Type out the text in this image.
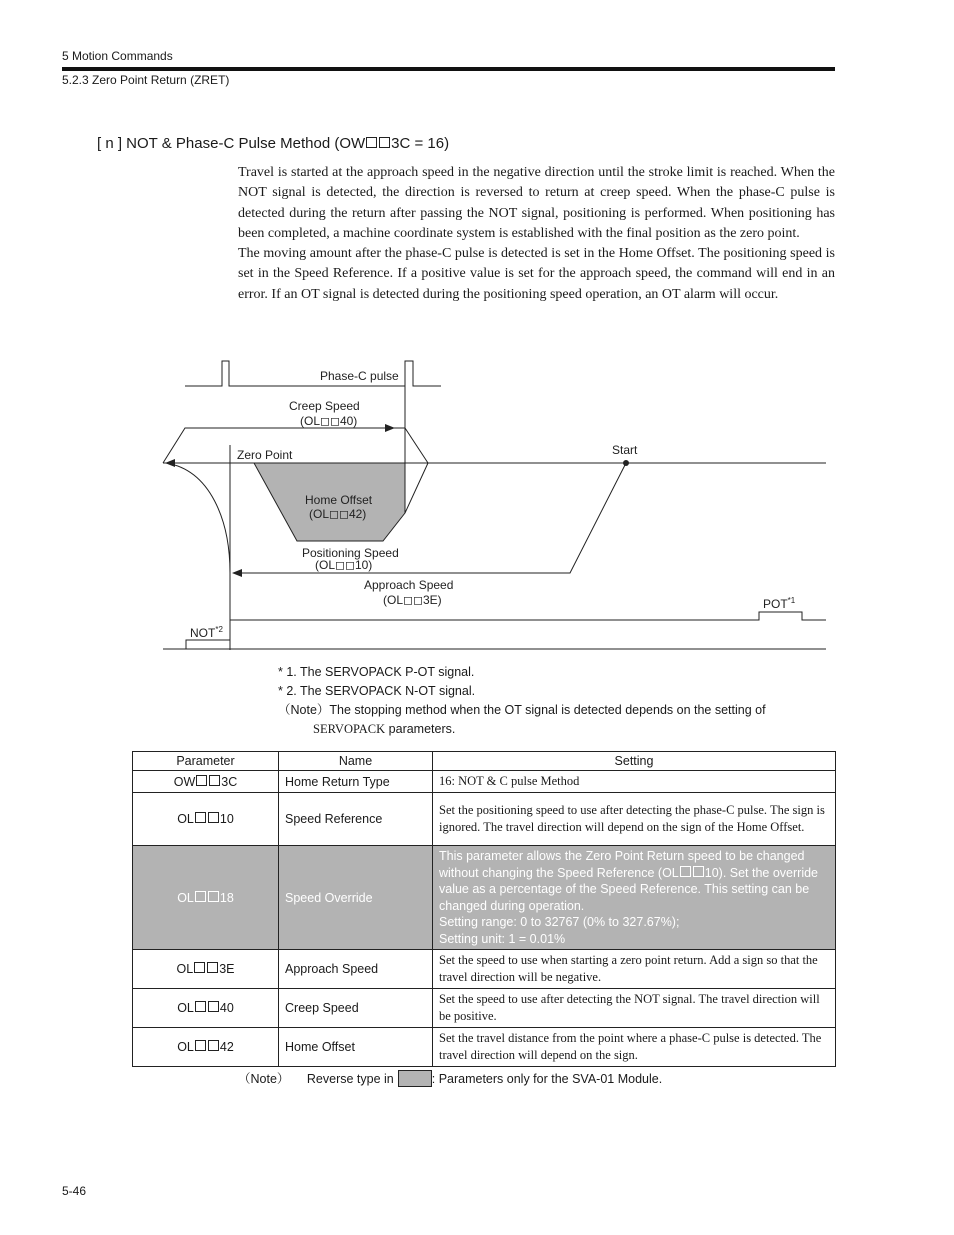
5 Motion Commands
5.2.3 Zero Point Return (ZRET)
[ n ] NOT & Phase-C Pulse Method (OW 3C = 16)

Travel is started at the approach speed in the negative direction until the stroke limit is reached. When the NOT signal is detected, the direction is reversed to return at creep speed. When the phase-C pulse is detected during the return after passing the NOT signal, positioning is performed. When positioning has been completed, a machine coordinate system is established with the final position as the zero point.

The moving amount after the phase-C pulse is detected is set in the Home Offset. The positioning speed is set in the Speed Reference. If a positive value is set for the approach speed, the command will end in an error. If an OT signal is detected during the positioning speed operation, an OT alarm will occur.

Phase-C pulse
Creep Speed
(OL◻◻40)
Zero Point	Start
Home Offset
(OL◻◻42)
Positioning Speed
(OL◻◻10)
Approach Speed
(OL◻◻3E)	POT$^{*1}$
NOT$^{*2}$
* 1. The SERVOPACK P-OT signal.
* 2. The SERVOPACK N-OT signal.
（Note）The stopping method when the OT signal is detected depends on the setting of
SERVOPACK parameters.
Parameter	Name	Setting
OW 3C	Home Return Type	16: NOT & C pulse Method
OL 10	Speed Reference	Set the positioning speed to use after detecting the phase-C pulse. The sign is ignored. The travel direction will depend on the sign of the Home Offset.
OL 18	Speed Override	This parameter allows the Zero Point Return speed to be changed without changing the Speed Reference (OL 10). Set the override value as a percentage of the Speed Reference. This setting can be changed during operation.
Setting range: 0 to 32767 (0% to 327.67%);
Setting unit: 1 = 0.01%

OL 3E	Approach Speed	Set the speed to use when starting a zero point return. Add a sign so that the travel direction will be negative.
OL 40	Creep Speed	Set the speed to use after detecting the NOT signal. The travel direction will be positive.
OL 42	Home Offset	Set the travel distance from the point where a phase-C pulse is detected. The travel direction will depend on the sign.
（Note） Reverse type in	: Parameters only for the SVA-01 Module.
5-46
